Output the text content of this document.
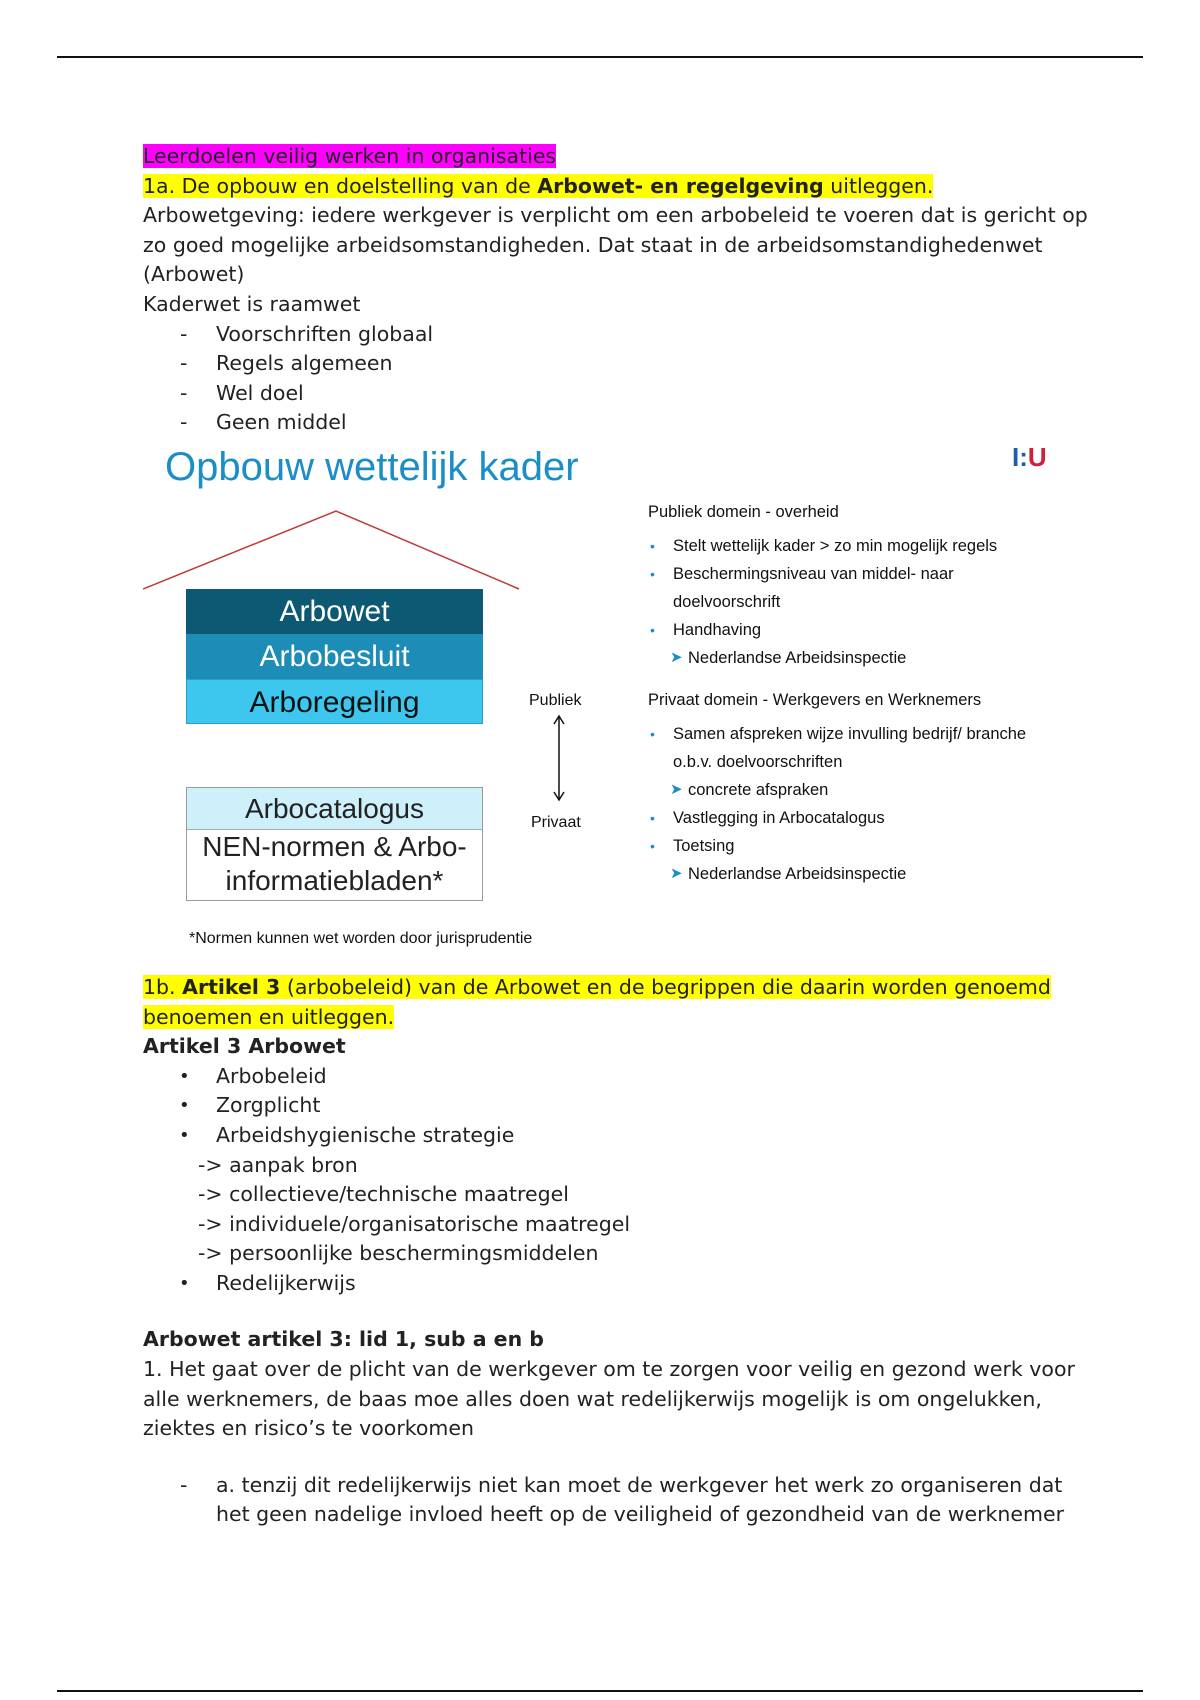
Leerdoelen veilig werken in organisaties
1a. De opbouw en doelstelling van de Arbowet- en regelgeving uitleggen.
Arbowetgeving: iedere werkgever is verplicht om een arbobeleid te voeren dat is gericht op
zo goed mogelijke arbeidsomstandigheden. Dat staat in de arbeidsomstandighedenwet
(Arbowet)
Kaderwet is raamwet
- Voorschriften globaal
- Regels algemeen
- Wel doel
- Geen middel
Opbouw wettelijk kader	I:U
Arbowet
Arbobesluit
Arboregeling
Arbocatalogus
NEN-normen & Arbo-
informatiebladen*
*Normen kunnen wet worden door jurisprudentie
Publiek
Privaat
Publiek domein - overheid
• Stelt wettelijk kader > zo min mogelijk regels
• Beschermingsniveau van middel- naar
doelvoorschrift
• Handhaving
➤ Nederlandse Arbeidsinspectie
Privaat domein - Werkgevers en Werknemers
• Samen afspreken wijze invulling bedrijf/ branche
o.b.v. doelvoorschriften
➤ concrete afspraken
• Vastlegging in Arbocatalogus
• Toetsing
➤ Nederlandse Arbeidsinspectie
1b. Artikel 3 (arbobeleid) van de Arbowet en de begrippen die daarin worden genoemd
benoemen en uitleggen.
Artikel 3 Arbowet
• Arbobeleid
• Zorgplicht
• Arbeidshygienische strategie
-> aanpak bron
-> collectieve/technische maatregel
-> individuele/organisatorische maatregel
-> persoonlijke beschermingsmiddelen
• Redelijkerwijs
Arbowet artikel 3: lid 1, sub a en b
1. Het gaat over de plicht van de werkgever om te zorgen voor veilig en gezond werk voor
alle werknemers, de baas moe alles doen wat redelijkerwijs mogelijk is om ongelukken,
ziektes en risico’s te voorkomen
- a. tenzij dit redelijkerwijs niet kan moet de werkgever het werk zo organiseren dat
het geen nadelige invloed heeft op de veiligheid of gezondheid van de werknemer
